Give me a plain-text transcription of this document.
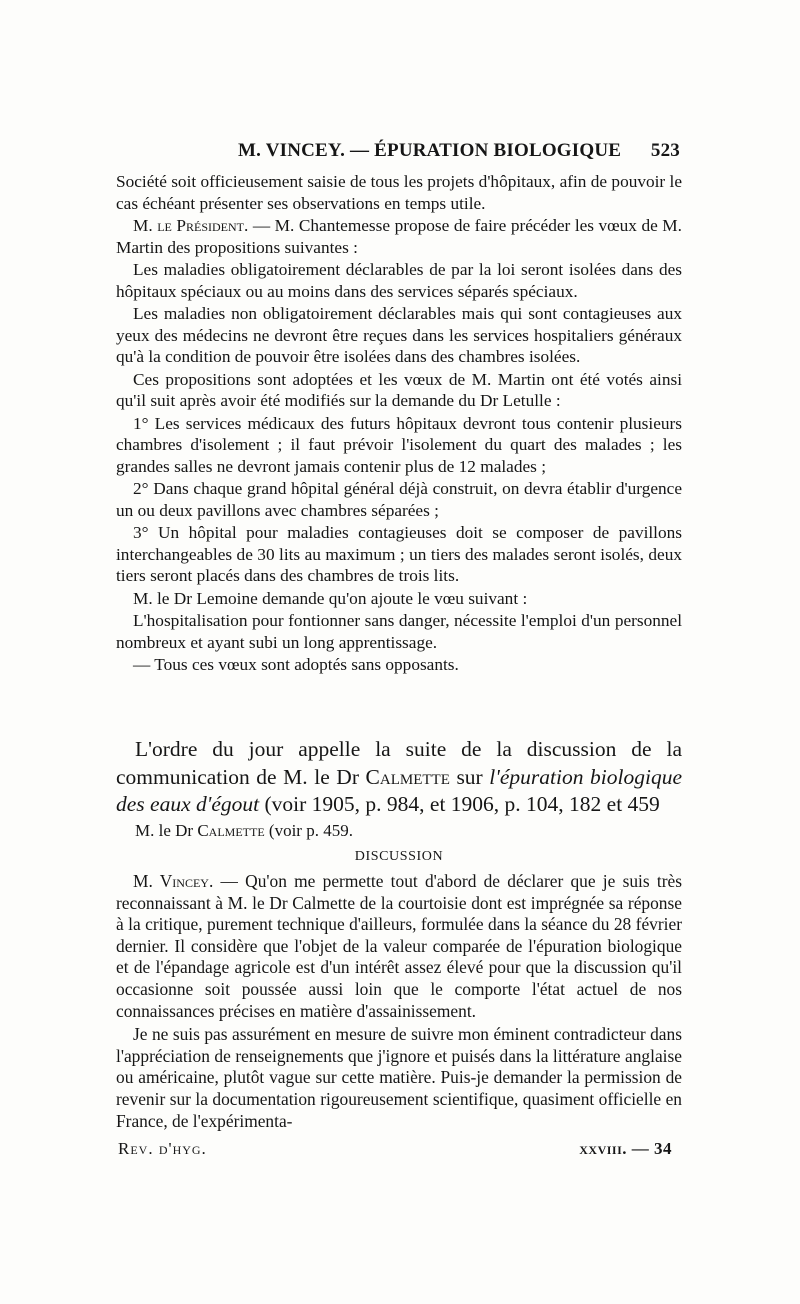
M. VINCEY. — ÉPURATION BIOLOGIQUE 523

Société soit officieusement saisie de tous les projets d'hôpitaux, afin de pouvoir le cas échéant présenter ses observations en temps utile.

M. le Président. — M. Chantemesse propose de faire précéder les vœux de M. Martin des propositions suivantes :

Les maladies obligatoirement déclarables de par la loi seront isolées dans des hôpitaux spéciaux ou au moins dans des services séparés spéciaux.

Les maladies non obligatoirement déclarables mais qui sont contagieuses aux yeux des médecins ne devront être reçues dans les services hospitaliers généraux qu'à la condition de pouvoir être isolées dans des chambres isolées.

Ces propositions sont adoptées et les vœux de M. Martin ont été votés ainsi qu'il suit après avoir été modifiés sur la demande du Dr Letulle :

1° Les services médicaux des futurs hôpitaux devront tous contenir plusieurs chambres d'isolement ; il faut prévoir l'isolement du quart des malades ; les grandes salles ne devront jamais contenir plus de 12 malades ;

2° Dans chaque grand hôpital général déjà construit, on devra établir d'urgence un ou deux pavillons avec chambres séparées ;

3° Un hôpital pour maladies contagieuses doit se composer de pavillons interchangeables de 30 lits au maximum ; un tiers des malades seront isolés, deux tiers seront placés dans des chambres de trois lits.

M. le Dr Lemoine demande qu'on ajoute le vœu suivant :

L'hospitalisation pour fontionner sans danger, nécessite l'emploi d'un personnel nombreux et ayant subi un long apprentissage.

— Tous ces vœux sont adoptés sans opposants.

L'ordre du jour appelle la suite de la discussion de la communication de M. le Dr Calmette sur l'épuration biologique des eaux d'égout (voir 1905, p. 984, et 1906, p. 104, 182 et 459

M. le Dr Calmette (voir p. 459.

DISCUSSION

M. Vincey. — Qu'on me permette tout d'abord de déclarer que je suis très reconnaissant à M. le Dr Calmette de la courtoisie dont est imprégnée sa réponse à la critique, purement technique d'ailleurs, formulée dans la séance du 28 février dernier. Il considère que l'objet de la valeur comparée de l'épuration biologique et de l'épandage agricole est d'un intérêt assez élevé pour que la discussion qu'il occasionne soit poussée aussi loin que le comporte l'état actuel de nos connaissances précises en matière d'assainissement.

Je ne suis pas assurément en mesure de suivre mon éminent contradicteur dans l'appréciation de renseignements que j'ignore et puisés dans la littérature anglaise ou américaine, plutôt vague sur cette matière. Puis-je demander la permission de revenir sur la documentation rigoureusement scientifique, quasiment officielle en France, de l'expérimenta-

Rev. d'hyg.	xxviii. — 34
